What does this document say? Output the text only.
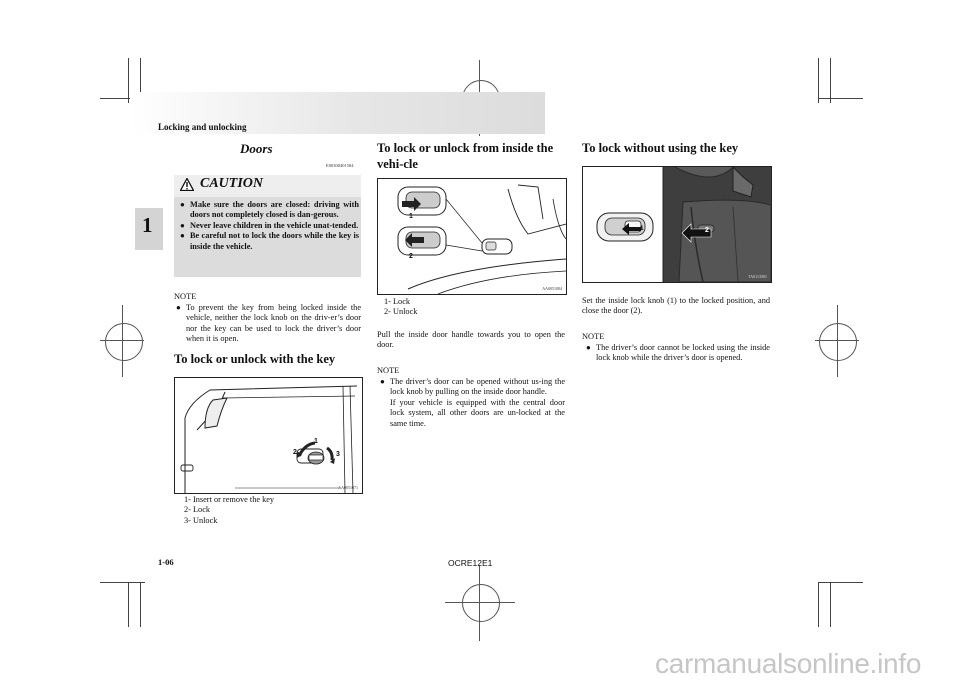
Locking and unlocking
1
Doors
E00300401584
CAUTION
● Make sure the doors are closed: driving with doors not completely closed is dan-gerous.
● Never leave children in the vehicle unat-tended.
● Be careful not to lock the doors while the key is inside the vehicle.
NOTE
● To prevent the key from being locked inside the vehicle, neither the lock knob on the driv-er’s door nor the key can be used to lock the driver’s door when it is open.
To lock or unlock with the key
1
2	3
AA0051071
1- Insert or remove the key
2- Lock
3- Unlock
To lock or unlock from inside the vehi-cle
1
2
AA0051084
1- Lock
2- Unlock
Pull the inside door handle towards you to open the door.
NOTE
● The driver’s door can be opened without us-ing the lock knob by pulling on the inside door handle.
If your vehicle is equipped with the central door lock system, all other doors are un-locked at the same time.
To lock without using the key
1	2
TA0113581
Set the inside lock knob (1) to the locked position, and close the door (2).
NOTE
● The driver’s door cannot be locked using the inside lock knob while the driver’s door is opened.
1-06	OCRE12E1
carmanualsonline.info
